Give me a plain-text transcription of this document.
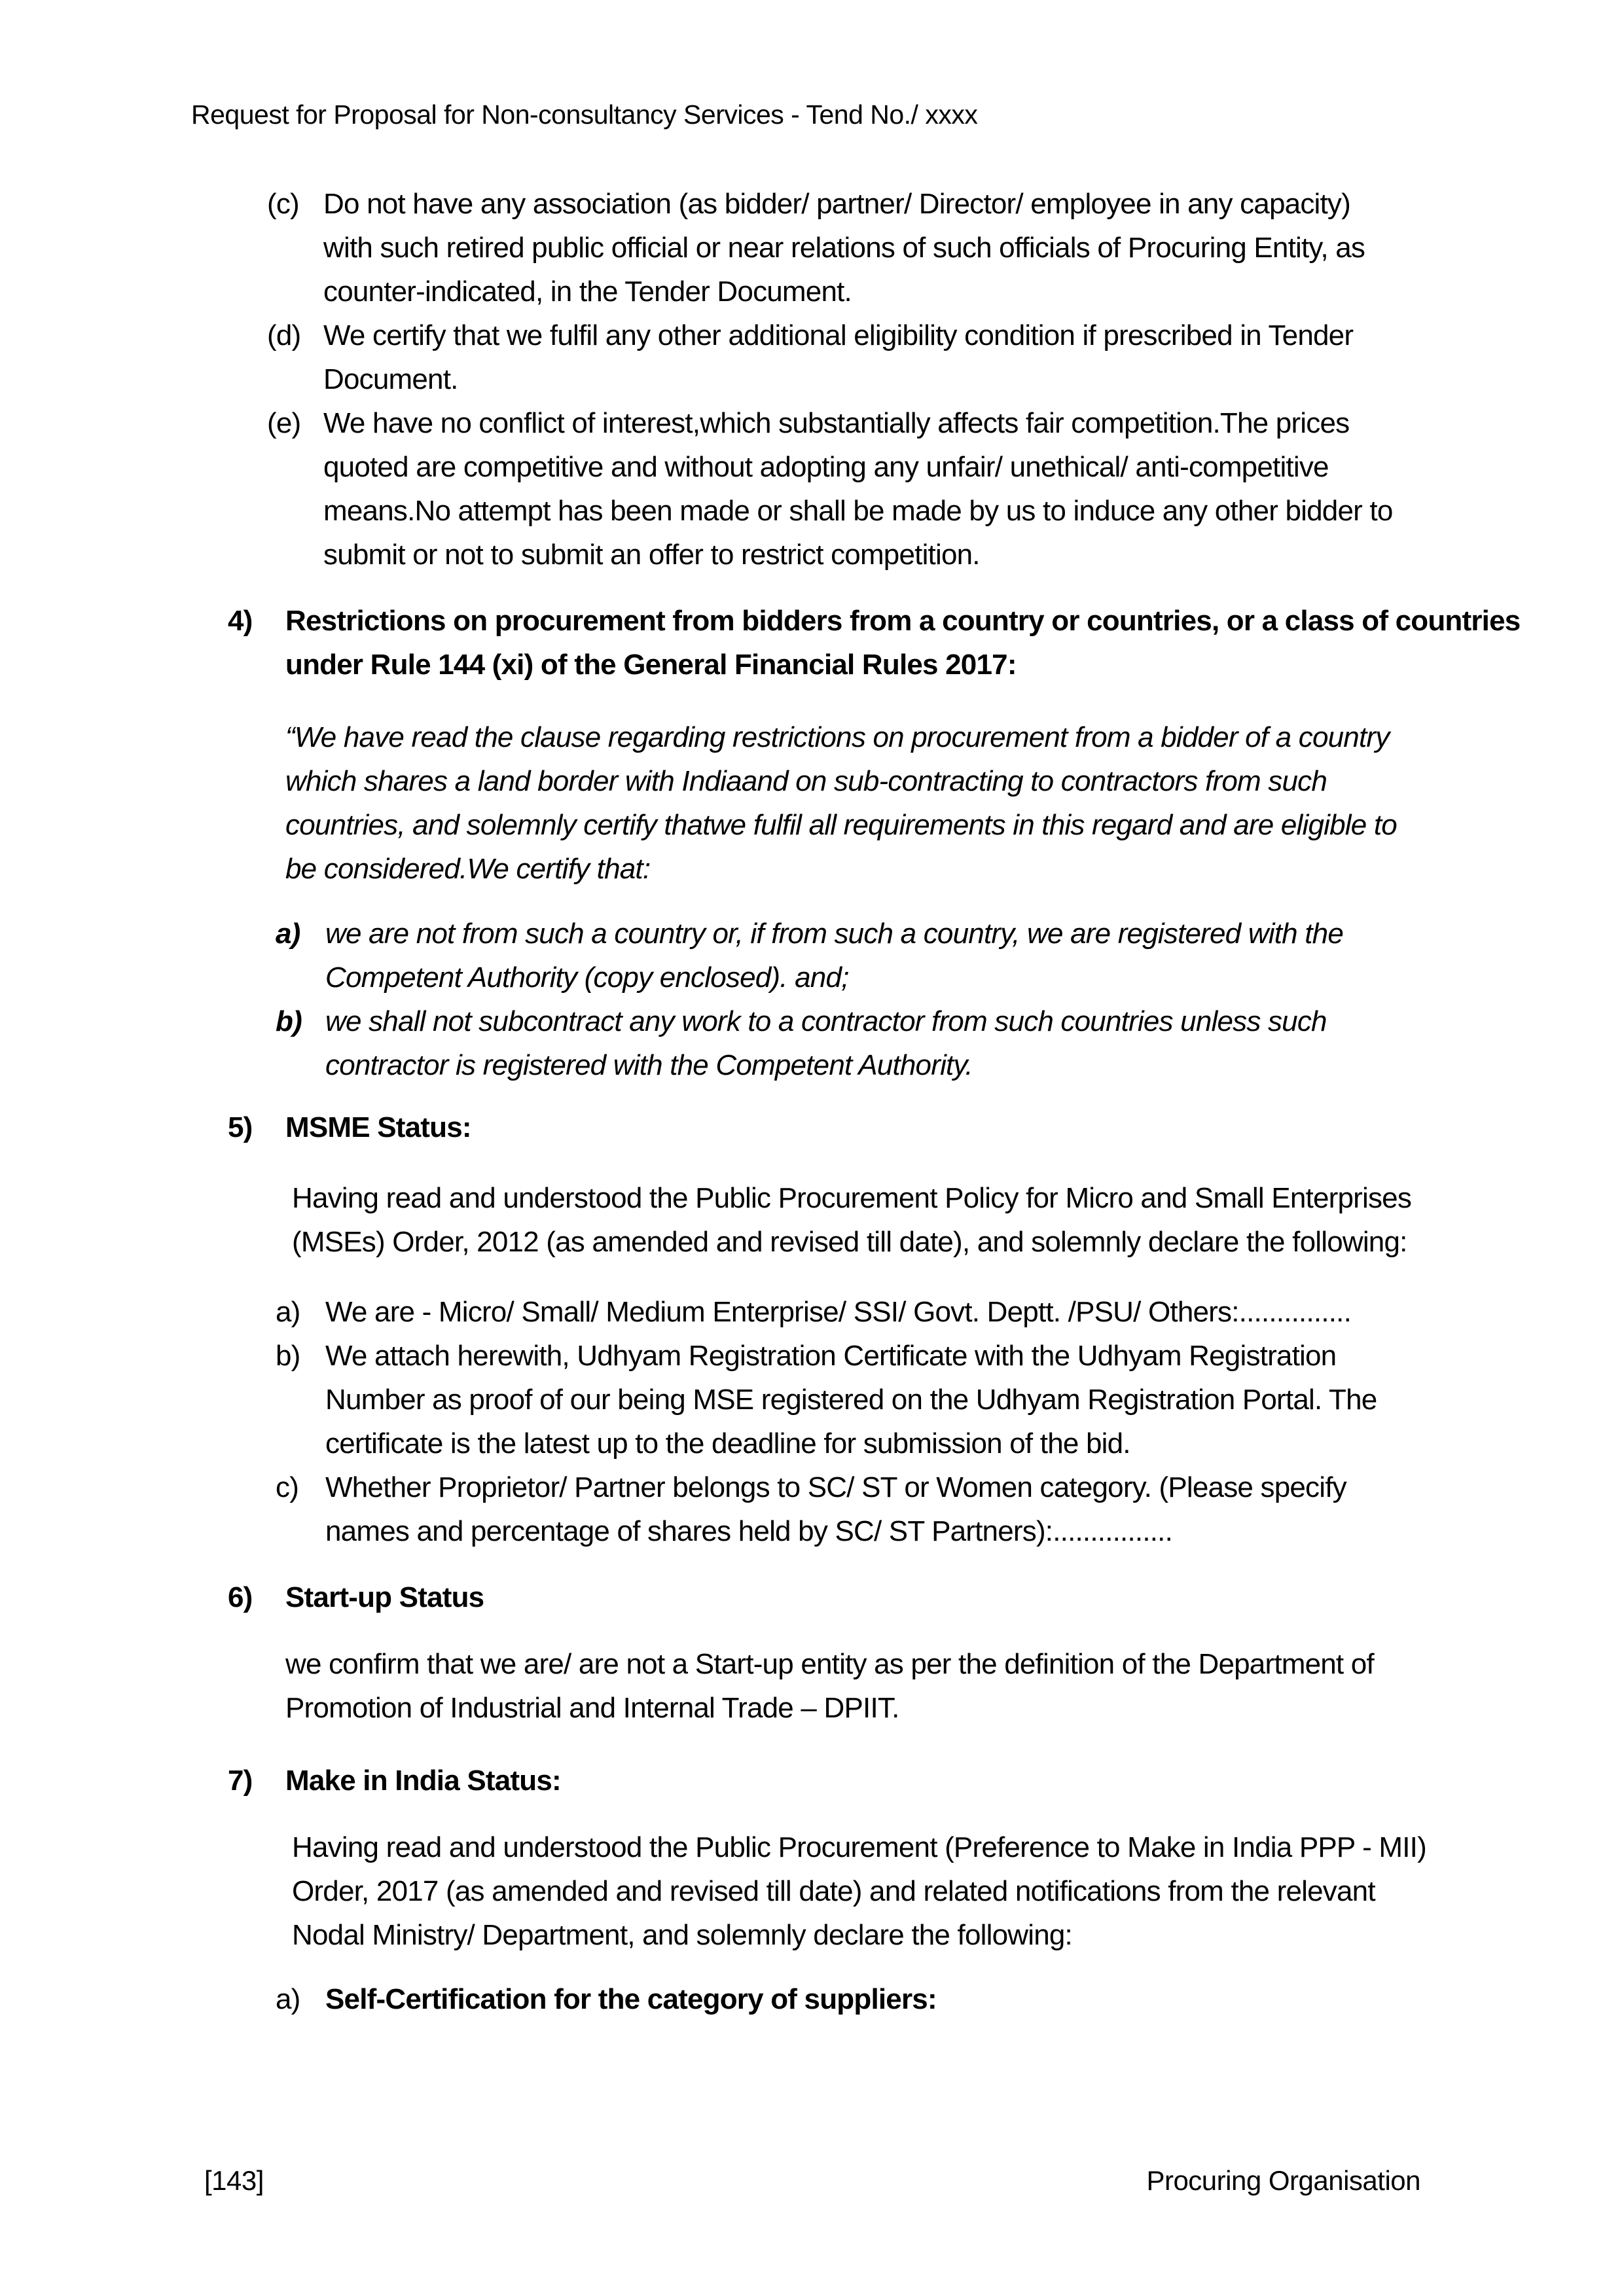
Request for Proposal for Non-consultancy Services - Tend No./ xxxx
(c) Do not have any association (as bidder/ partner/ Director/ employee in any capacity)
with such retired public official or near relations of such officials of Procuring Entity, as
counter-indicated, in the Tender Document.
(d) We certify that we fulfil any other additional eligibility condition if prescribed in Tender
Document.
(e) We have no conflict of interest,which substantially affects fair competition.The prices
quoted are competitive and without adopting any unfair/ unethical/ anti-competitive
means.No attempt has been made or shall be made by us to induce any other bidder to
submit or not to submit an offer to restrict competition.
4)	Restrictions on procurement from bidders from a country or countries, or a class of countries
under Rule 144 (xi) of the General Financial Rules 2017:
“We have read the clause regarding restrictions on procurement from a bidder of a country
which shares a land border with Indiaand on sub-contracting to contractors from such
countries, and solemnly certify thatwe fulfil all requirements in this regard and are eligible to
be considered.We certify that:
a) we are not from such a country or, if from such a country, we are registered with the
Competent Authority (copy enclosed). and;
b) we shall not subcontract any work to a contractor from such countries unless such
contractor is registered with the Competent Authority.
5)	MSME Status:
Having read and understood the Public Procurement Policy for Micro and Small Enterprises
(MSEs) Order, 2012 (as amended and revised till date), and solemnly declare the following:
a) We are - Micro/ Small/ Medium Enterprise/ SSI/ Govt. Deptt. /PSU/ Others:...............
b) We attach herewith, Udhyam Registration Certificate with the Udhyam Registration
Number as proof of our being MSE registered on the Udhyam Registration Portal. The
certificate is the latest up to the deadline for submission of the bid.
c) Whether Proprietor/ Partner belongs to SC/ ST or Women category. (Please specify
names and percentage of shares held by SC/ ST Partners):................
6)	Start-up Status
we confirm that we are/ are not a Start-up entity as per the definition of the Department of
Promotion of Industrial and Internal Trade – DPIIT.
7)	Make in India Status:
Having read and understood the Public Procurement (Preference to Make in India PPP - MII)
Order, 2017 (as amended and revised till date) and related notifications from the relevant
Nodal Ministry/ Department, and solemnly declare the following:
a) Self-Certification for the category of suppliers:
[143]	Procuring Organisation
